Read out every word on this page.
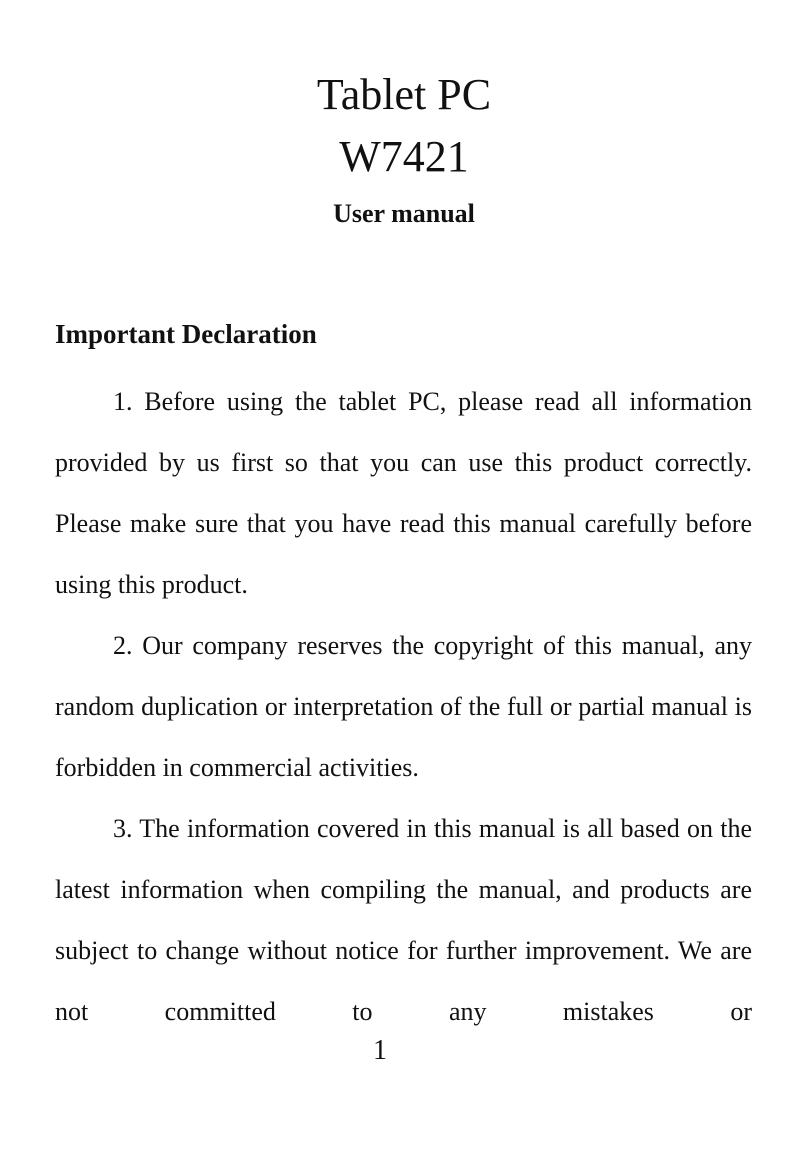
Tablet PC
W7421
User manual
Important Declaration

1. Before using the tablet PC, please read all information provided by us first so that you can use this product correctly. Please make sure that you have read this manual carefully before using this product.

2. Our company reserves the copyright of this manual, any random duplication or interpretation of the full or partial manual is forbidden in commercial activities.

3. The information covered in this manual is all based on the latest information when compiling the manual, and products are subject to change without notice for further improvement. We are not committed to any mistakes or

1
